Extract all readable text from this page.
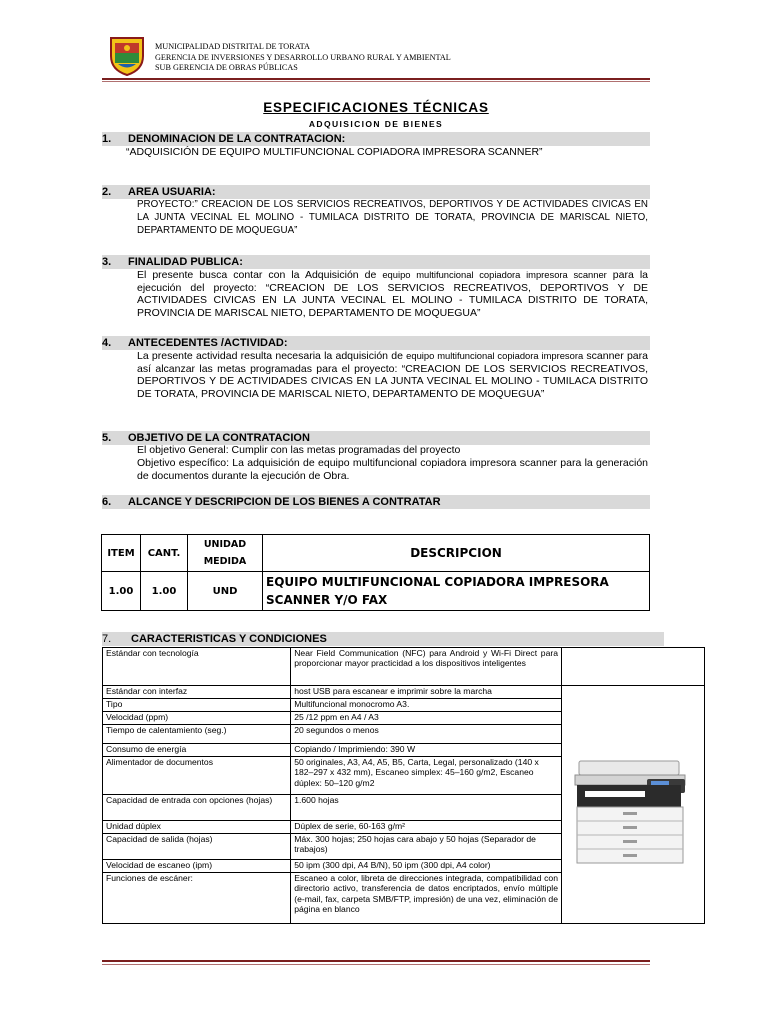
MUNICIPALIDAD DISTRITAL DE TORATA
GERENCIA DE INVERSIONES Y DESARROLLO URBANO RURAL Y AMBIENTAL
SUB GERENCIA DE OBRAS PÚBLICAS
ESPECIFICACIONES TÉCNICAS
ADQUISICION DE BIENES
1.	DENOMINACION DE LA CONTRATACION:
“ADQUISICIÓN DE EQUIPO MULTIFUNCIONAL COPIADORA IMPRESORA SCANNER”
2.	AREA USUARIA:
PROYECTO:” CREACION DE LOS SERVICIOS RECREATIVOS, DEPORTIVOS Y DE ACTIVIDADES CIVICAS EN LA JUNTA VECINAL EL MOLINO - TUMILACA DISTRITO DE TORATA, PROVINCIA DE MARISCAL NIETO, DEPARTAMENTO DE MOQUEGUA”
3.	FINALIDAD PUBLICA:
El presente busca contar con la Adquisición de equipo multifuncional copiadora impresora scanner para la ejecución del proyecto: “CREACION DE LOS SERVICIOS RECREATIVOS, DEPORTIVOS Y DE ACTIVIDADES CIVICAS EN LA JUNTA VECINAL EL MOLINO - TUMILACA DISTRITO DE TORATA, PROVINCIA DE MARISCAL NIETO, DEPARTAMENTO DE MOQUEGUA”
4.	ANTECEDENTES /ACTIVIDAD:
La presente actividad resulta necesaria la adquisición de equipo multifuncional copiadora impresora scanner para así alcanzar las metas programadas para el proyecto: “CREACION DE LOS SERVICIOS RECREATIVOS, DEPORTIVOS Y DE ACTIVIDADES CIVICAS EN LA JUNTA VECINAL EL MOLINO - TUMILACA DISTRITO DE TORATA, PROVINCIA DE MARISCAL NIETO, DEPARTAMENTO DE MOQUEGUA”
5.	OBJETIVO DE LA CONTRATACION
El objetivo General: Cumplir con las metas programadas del proyecto
Objetivo específico: La adquisición de equipo multifuncional copiadora impresora scanner para la generación de documentos durante la ejecución de Obra.
6.	ALCANCE Y DESCRIPCION DE LOS BIENES A CONTRATAR
ITEM	CANT.	UNIDAD MEDIDA	DESCRIPCION
1.00	1.00	UND	EQUIPO MULTIFUNCIONAL COPIADORA IMPRESORA SCANNER Y/O FAX
7.	CARACTERISTICAS Y CONDICIONES
Estándar con tecnología	Near Field Communication (NFC) para Android y Wi-Fi Direct para proporcionar mayor practicidad a los dispositivos inteligentes	
Estándar con interfaz	host USB para escanear e imprimir sobre la marcha	

Tipo	Multifuncional monocromo A3.	
Velocidad (ppm)	25 /12 ppm en A4 / A3	
Tiempo de calentamiento (seg.)	20 segundos o menos	
Consumo de energía	Copiando / Imprimiendo: 390 W	
Alimentador de documentos	50 originales, A3, A4, A5, B5, Carta, Legal, personalizado (140 x 182–297 x 432 mm), Escaneo simplex: 45–160 g/m2, Escaneo dúplex: 50–120 g/m2	
Capacidad de entrada con opciones (hojas)	1.600 hojas	
Unidad dúplex	Dúplex de serie, 60-163 g/m²	
Capacidad de salida (hojas)	Máx. 300 hojas; 250 hojas cara abajo y 50 hojas (Separador de trabajos)	
Velocidad de escaneo (ipm)	50 ipm (300 dpi, A4 B/N), 50 ipm (300 dpi, A4 color)	
Funciones de escáner:	Escaneo a color, libreta de direcciones integrada, compatibilidad con directorio activo, transferencia de datos encriptados, envío múltiple (e-mail, fax, carpeta SMB/FTP, impresión) de una vez, eliminación de página en blanco	
